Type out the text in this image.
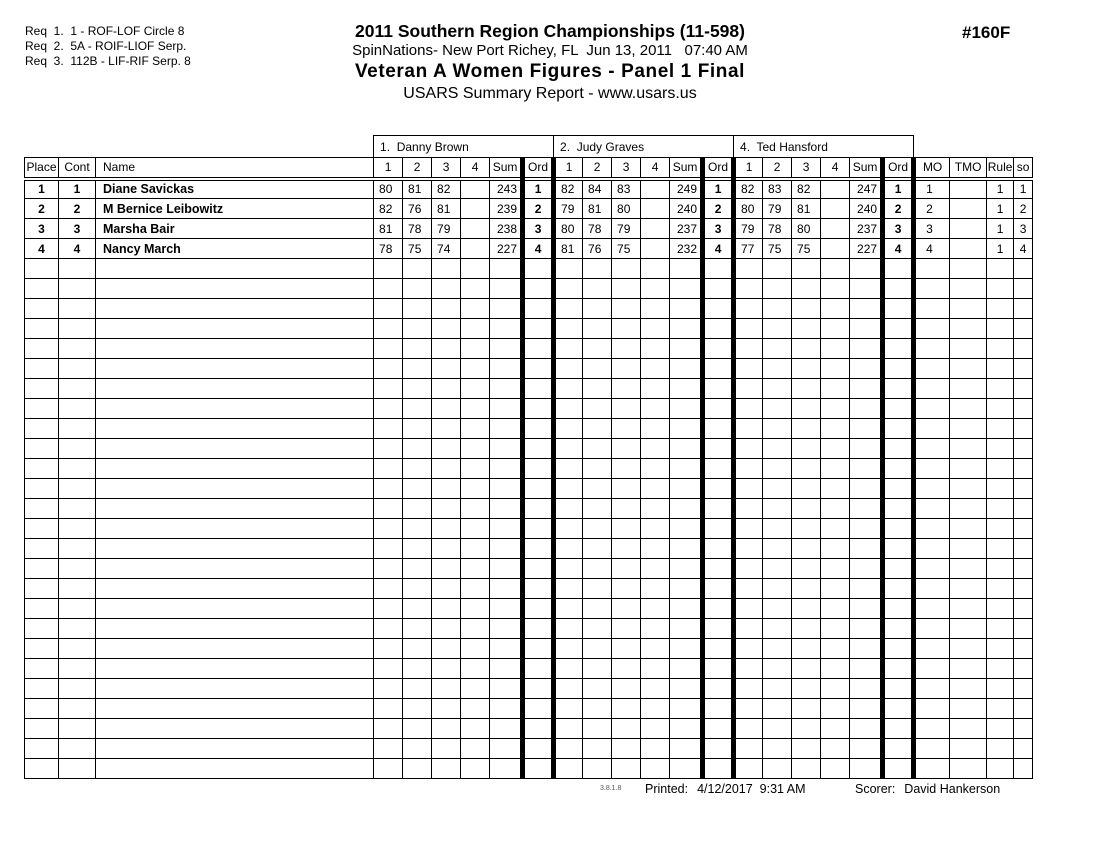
Req  1.  1 - ROF-LOF Circle 8
Req  2.  5A - ROIF-LIOF Serp.
Req  3.  112B - LIF-RIF Serp. 8
2011 Southern Region Championships (11-598)
SpinNations- New Port Richey, FL  Jun 13, 2011   07:40 AM
Veteran A Women Figures - Panel 1 Final
USARS Summary Report - www.usars.us
#160F
			1.  Danny Brown						2.  Judy Graves						4.  Ted Hansford									
Place	Cont	Name	1	2	3	4	Sum	Ord	1	2	3	4	Sum	Ord	1	2	3	4	Sum	Ord	MO	TMO	Rule	so
1	1	Diane Savickas	80	81	82		243	1	82	84	83		249	1	82	83	82		247	1	1		1	1
2	2	M Bernice Leibowitz	82	76	81		239	2	79	81	80		240	2	80	79	81		240	2	2		1	2
3	3	Marsha Bair	81	78	79		238	3	80	78	79		237	3	79	78	80		237	3	3		1	3
4	4	Nancy March	78	75	74		227	4	81	76	75		232	4	77	75	75		227	4	4		1	4

3.8.1.8 Printed: 4/12/2017  9:31 AM	Scorer: David Hankerson
